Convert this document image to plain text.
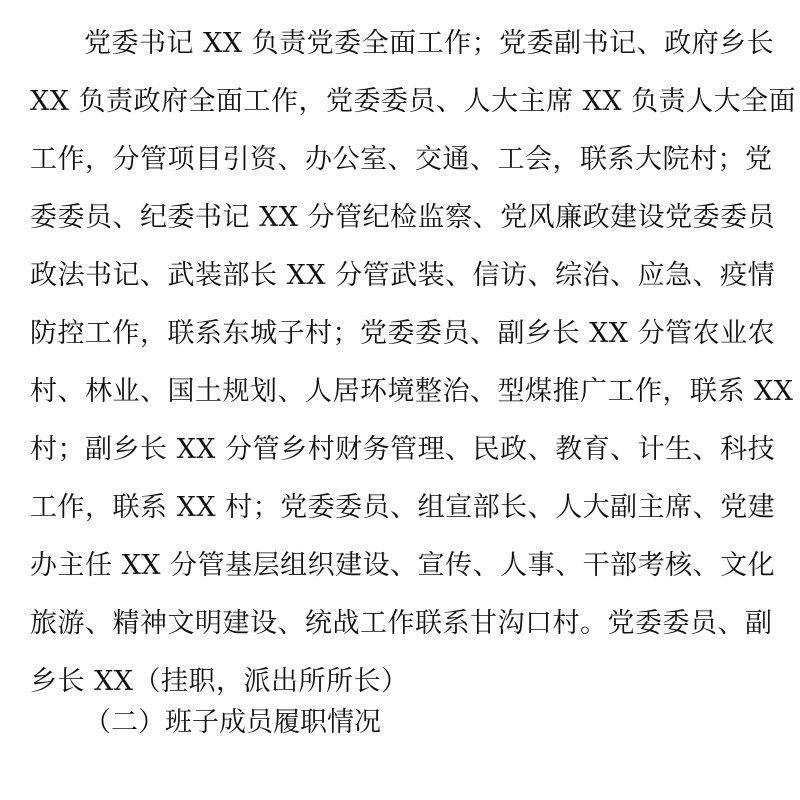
党委书记 XX 负责党委全面工作；党委副书记、政府乡长
XX 负责政府全面工作，党委委员、人大主席 XX 负责人大全面
工作，分管项目引资、办公室、交通、工会，联系大院村；党
委委员、纪委书记 XX 分管纪检监察、党风廉政建设党委委员
政法书记、武装部长 XX 分管武装、信访、综治、应急、疫情
防控工作，联系东城子村；党委委员、副乡长 XX 分管农业农
村、林业、国土规划、人居环境整治、型煤推广工作，联系 XX
村；副乡长 XX 分管乡村财务管理、民政、教育、计生、科技
工作，联系 XX 村；党委委员、组宣部长、人大副主席、党建
办主任 XX 分管基层组织建设、宣传、人事、干部考核、文化
旅游、精神文明建设、统战工作联系甘沟口村。党委委员、副
乡长 XX（挂职，派出所所长）
（二）班子成员履职情况
